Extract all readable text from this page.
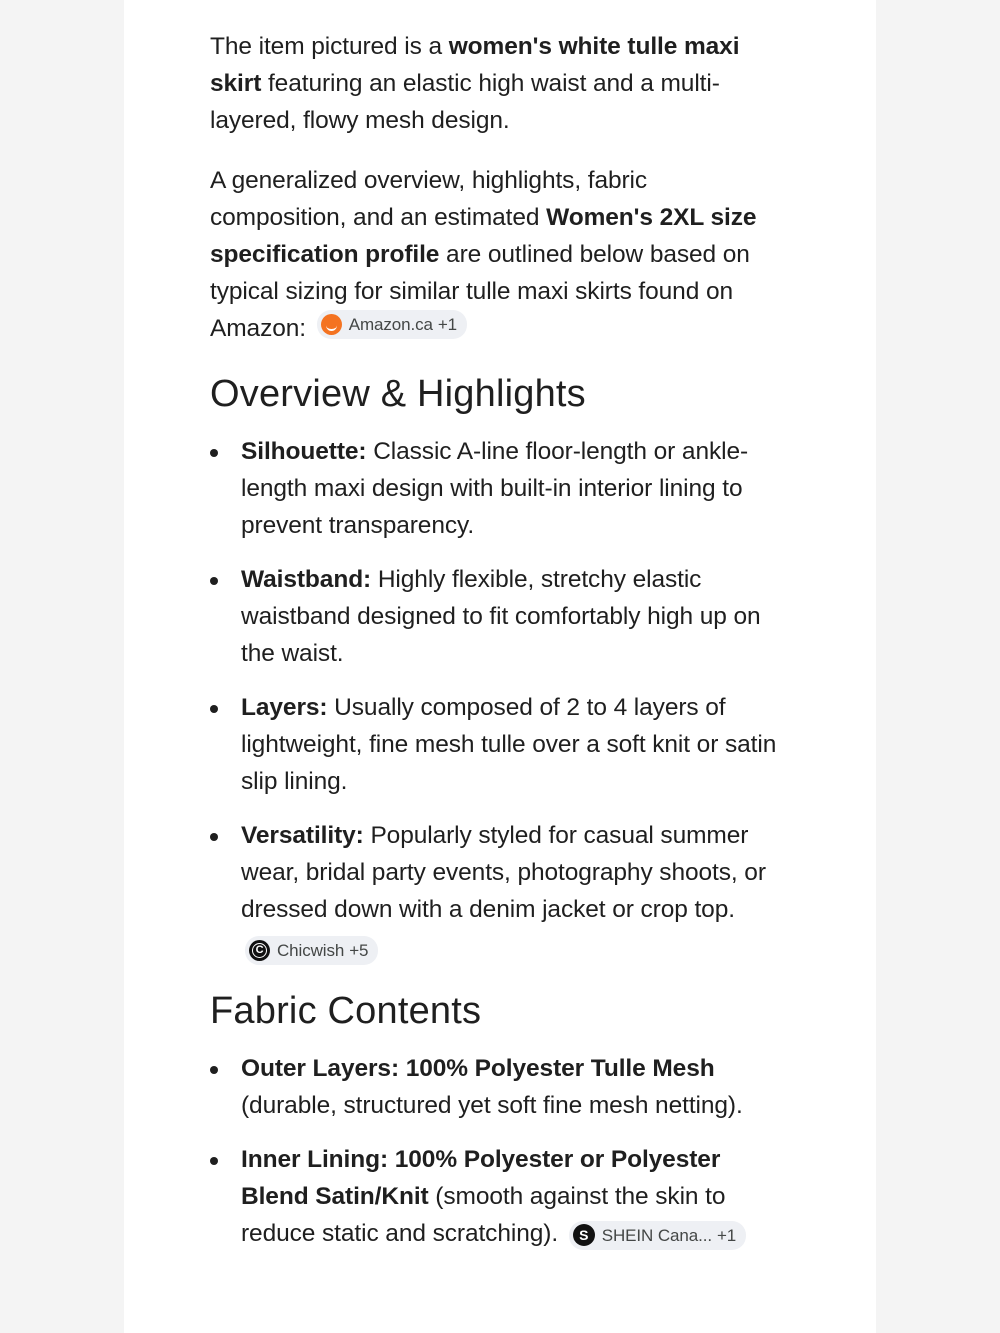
The item pictured is a women's white tulle maxi skirt featuring an elastic high waist and a multi-layered, flowy mesh design.

A generalized overview, highlights, fabric composition, and an estimated Women's 2XL size specification profile are outlined below based on typical sizing for similar tulle maxi skirts found on Amazon:	Amazon.ca +1

Overview & Highlights
Silhouette: Classic A-line floor-length or ankle-length maxi design with built-in interior lining to prevent transparency.
Waistband: Highly flexible, stretchy elastic waistband designed to fit comfortably high up on the waist.
Layers: Usually composed of 2 to 4 layers of lightweight, fine mesh tulle over a soft knit or satin slip lining.
Versatility: Popularly styled for casual summer wear, bridal party events, photography shoots, or dressed down with a denim jacket or crop top.
C Chicwish +5
Fabric Contents
Outer Layers: 100% Polyester Tulle Mesh (durable, structured yet soft fine mesh netting).
Inner Lining: 100% Polyester or Polyester Blend Satin/Knit (smooth against the skin to reduce static and scratching). S SHEIN Cana... +1
